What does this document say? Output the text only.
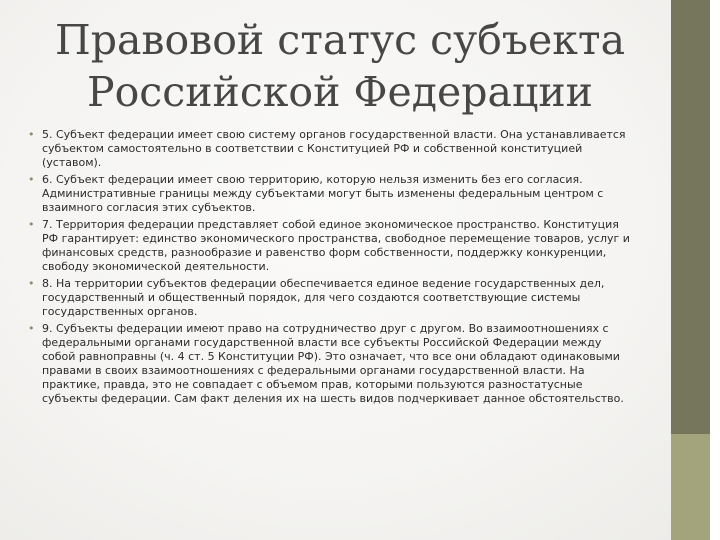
Правовой статус субъекта
Российской Федерации
• 5. Субъект федерации имеет свою систему органов государственной власти. Она устанавливается субъектом самостоятельно в соответствии с Конституцией РФ и собственной конституцией (уставом).
• 6. Субъект федерации имеет свою территорию, которую нельзя изменить без его согласия. Административные границы между субъектами могут быть изменены федеральным центром с взаимного согласия этих субъектов.
• 7. Территория федерации представляет собой единое экономическое пространство. Конституция РФ гарантирует: единство экономического пространства, свободное перемещение товаров, услуг и финансовых средств, разнообразие и равенство форм собственности, поддержку конкуренции, свободу экономической деятельности.
• 8. На территории субъектов федерации обеспечивается единое ведение государственных дел, государственный и общественный порядок, для чего создаются соответствующие системы государственных органов.
• 9. Субъекты федерации имеют право на сотрудничество друг с другом. Во взаимоотношениях с федеральными органами государственной власти все субъекты Российской Федерации между собой равноправны (ч. 4 ст. 5 Конституции РФ). Это означает, что все они обладают одинаковыми правами в своих взаимоотношениях с федеральными органами государственной власти. На практике, правда, это не совпадает с объемом прав, которыми пользуются разностатусные субъекты федерации. Сам факт деления их на шесть видов подчеркивает данное обстоятельство.
